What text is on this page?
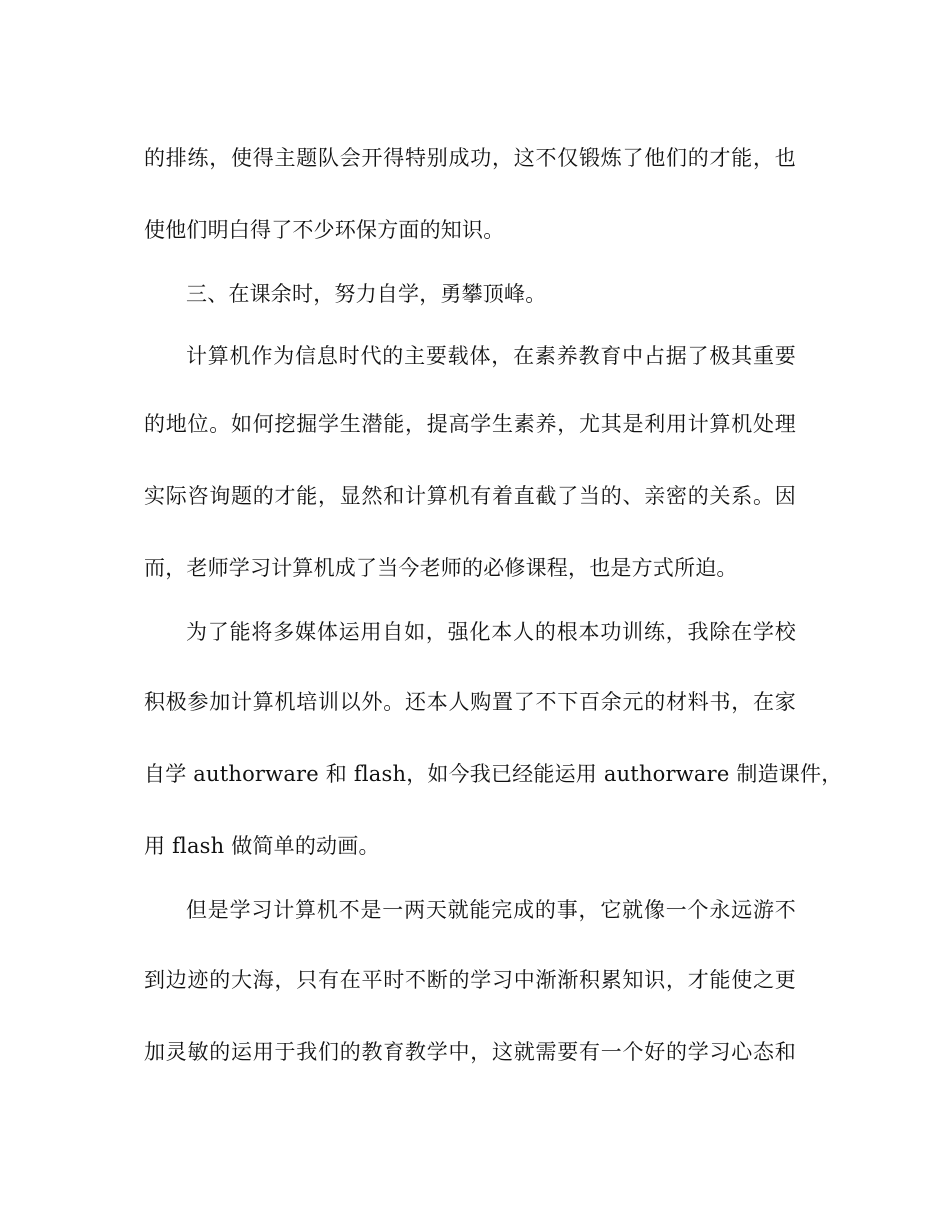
的排练，使得主题队会开得特别成功，这不仅锻炼了他们的才能，也
使他们明白得了不少环保方面的知识。
三、在课余时，努力自学，勇攀顶峰。
计算机作为信息时代的主要载体，在素养教育中占据了极其重要
的地位。如何挖掘学生潜能，提高学生素养，尤其是利用计算机处理
实际咨询题的才能，显然和计算机有着直截了当的、亲密的关系。因
而，老师学习计算机成了当今老师的必修课程，也是方式所迫。
为了能将多媒体运用自如，强化本人的根本功训练，我除在学校
积极参加计算机培训以外。还本人购置了不下百余元的材料书，在家
自学 authorware 和 flash，如今我已经能运用 authorware 制造课件，
用 flash 做简单的动画。
但是学习计算机不是一两天就能完成的事，它就像一个永远游不
到边迹的大海，只有在平时不断的学习中渐渐积累知识，才能使之更
加灵敏的运用于我们的教育教学中，这就需要有一个好的学习心态和
